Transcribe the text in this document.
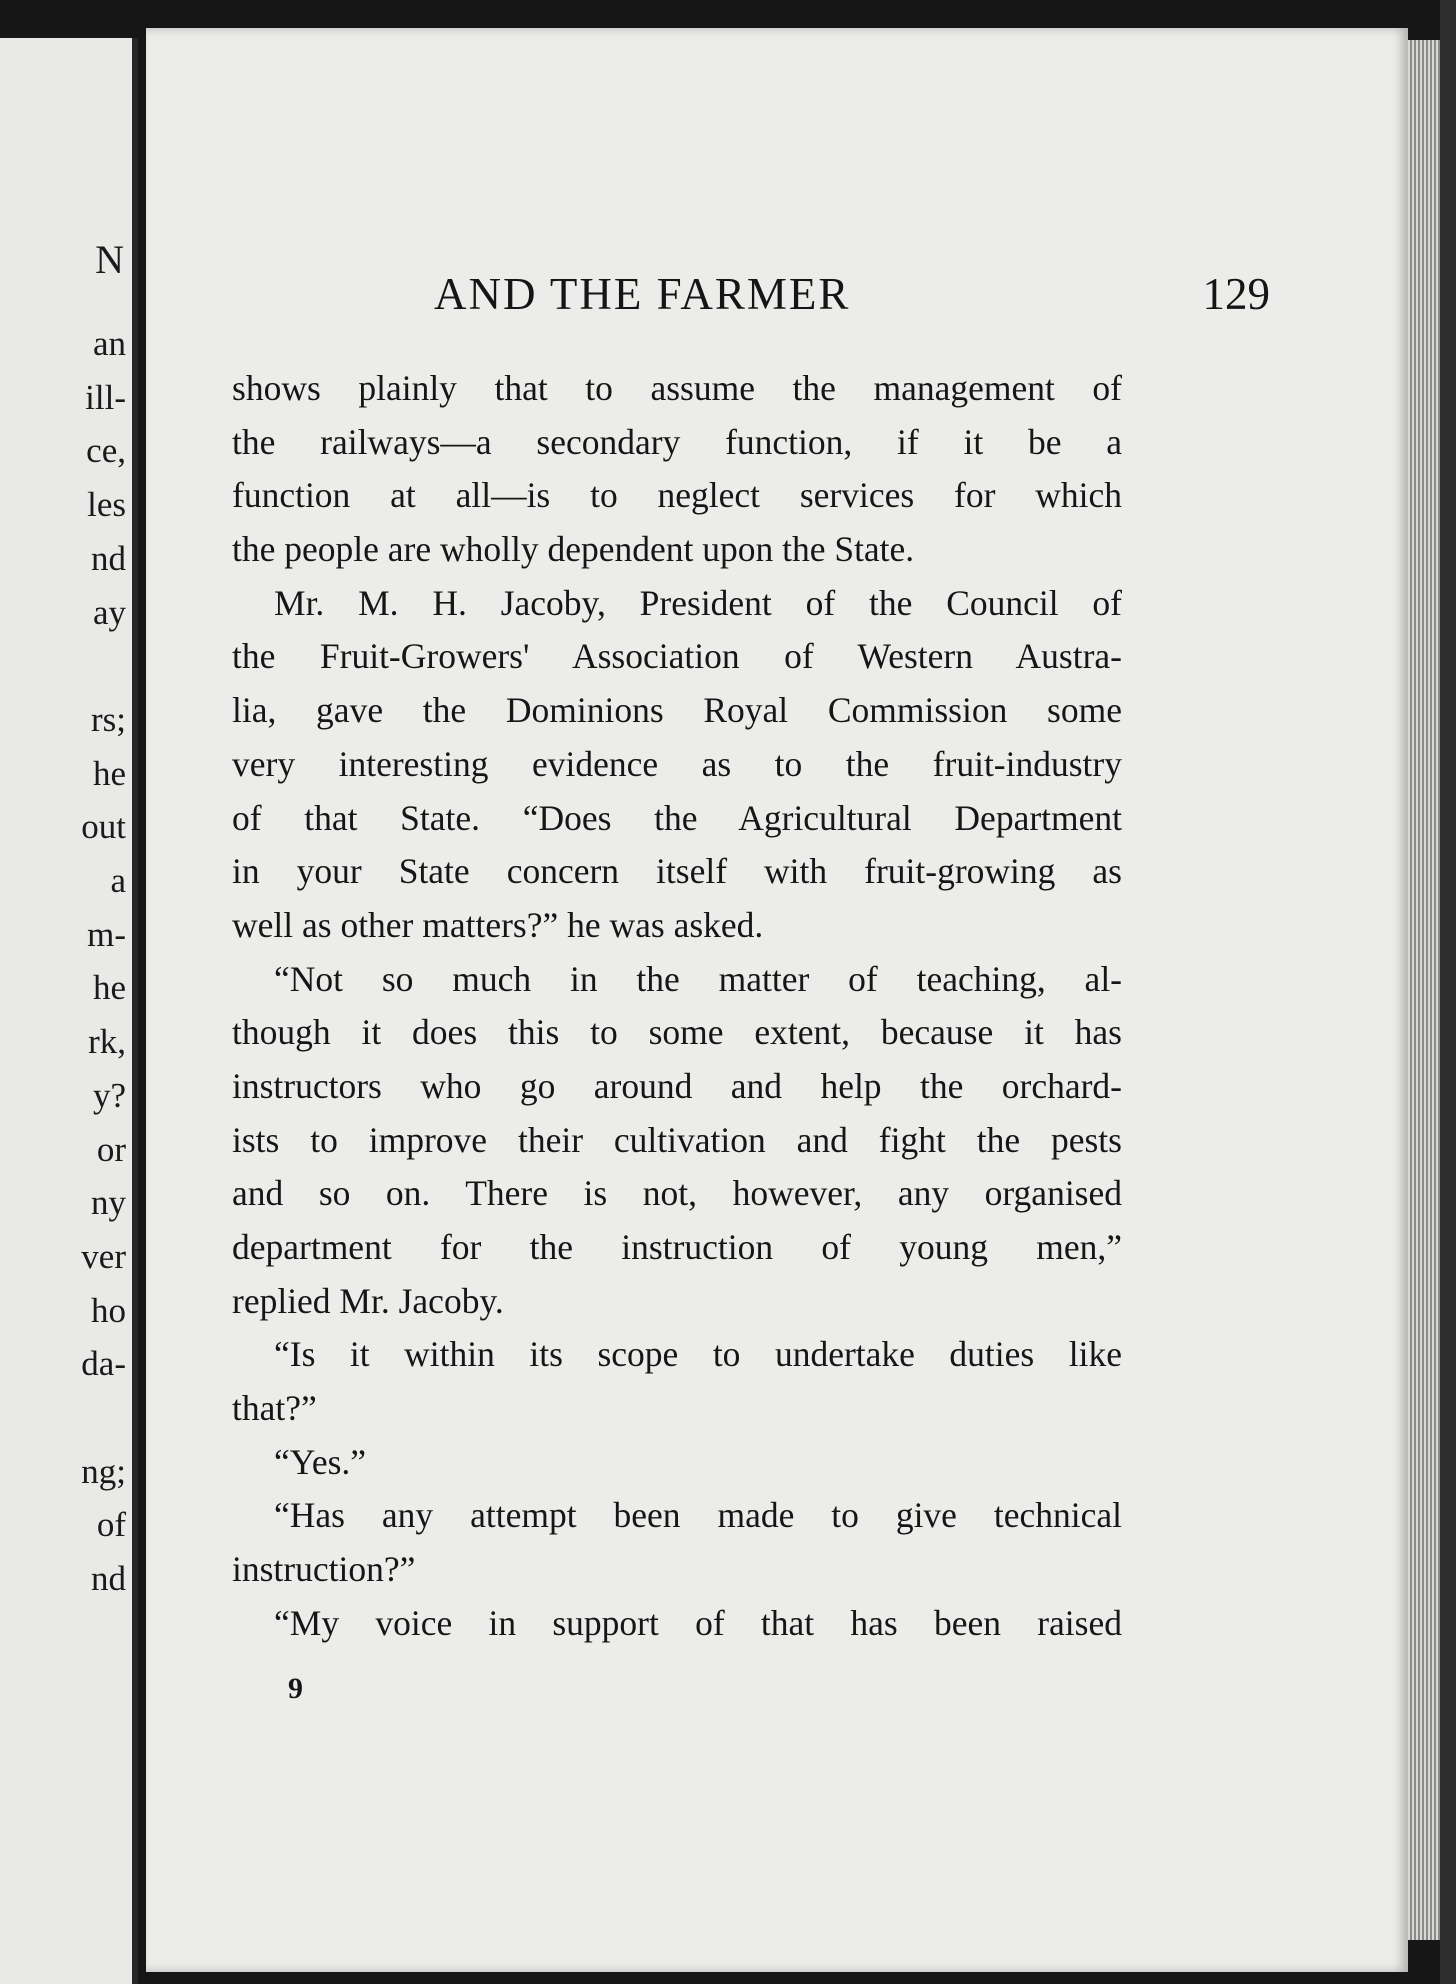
N
an
ill-
ce,
les
nd
ay
rs;
he
out
a
m-
he
rk,
y?
or
ny
ver
ho
da-
ng;
of
nd
AND THE FARMER	129
shows plainly that to assume the management of
the railways—a secondary function, if it be a
function at all—is to neglect services for which
the people are wholly dependent upon the State.
Mr. M. H. Jacoby, President of the Council of
the Fruit-Growers' Association of Western Austra-
lia, gave the Dominions Royal Commission some
very interesting evidence as to the fruit-industry
of that State. “Does the Agricultural Department
in your State concern itself with fruit-growing as
well as other matters?” he was asked.
“Not so much in the matter of teaching, al-
though it does this to some extent, because it has
instructors who go around and help the orchard-
ists to improve their cultivation and fight the pests
and so on. There is not, however, any organised
department for the instruction of young men,”
replied Mr. Jacoby.
“Is it within its scope to undertake duties like
that?”
“Yes.”
“Has any attempt been made to give technical
instruction?”
“My voice in support of that has been raised
9
